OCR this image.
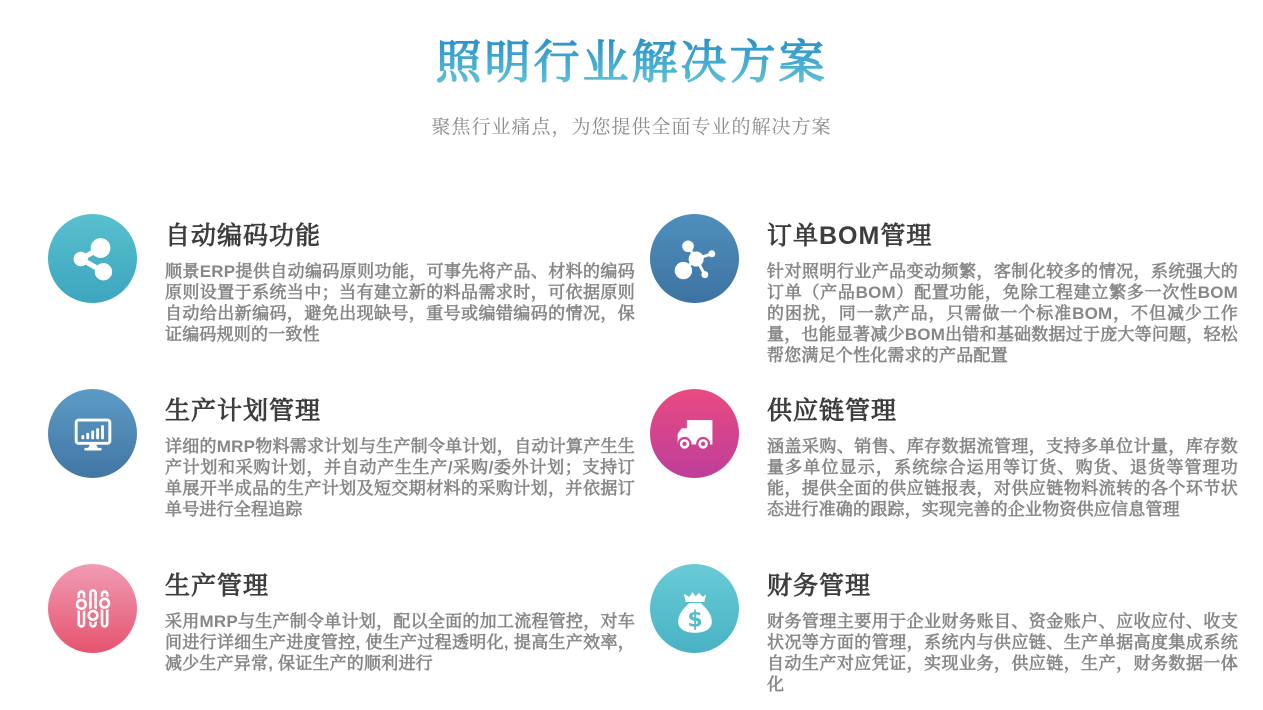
照明行业解决方案

聚焦行业痛点，为您提供全面专业的解决方案

自动编码功能
顺景ERP提供自动编码原则功能，可事先将产品、材料的编码原则设置于系统当中；当有建立新的料品需求时，可依据原则自动给出新编码，避免出现缺号，重号或编错编码的情况，保证编码规则的一致性
订单BOM管理
针对照明行业产品变动频繁，客制化较多的情况，系统强大的订单（产品BOM）配置功能，免除工程建立繁多一次性BOM的困扰，同一款产品，只需做一个标准BOM，不但减少工作量，也能显著减少BOM出错和基础数据过于庞大等问题，轻松帮您满足个性化需求的产品配置
生产计划管理
详细的MRP物料需求计划与生产制令单计划，自动计算产生生产计划和采购计划，并自动产生生产/采购/委外计划；支持订单展开半成品的生产计划及短交期材料的采购计划，并依据订单号进行全程追踪
供应链管理
涵盖采购、销售、库存数据流管理，支持多单位计量，库存数量多单位显示，系统综合运用等订货、购货、退货等管理功能，提供全面的供应链报表，对供应链物料流转的各个环节状态进行准确的跟踪，实现完善的企业物资供应信息管理
生产管理
采用MRP与生产制令单计划，配以全面的加工流程管控，对车间进行详细生产进度管控, 使生产过程透明化, 提高生产效率，减少生产异常, 保证生产的顺利进行
财务管理
财务管理主要用于企业财务账目、资金账户、应收应付、收支状况等方面的管理，系统内与供应链、生产单据高度集成系统自动生产对应凭证，实现业务，供应链，生产，财务数据一体化
